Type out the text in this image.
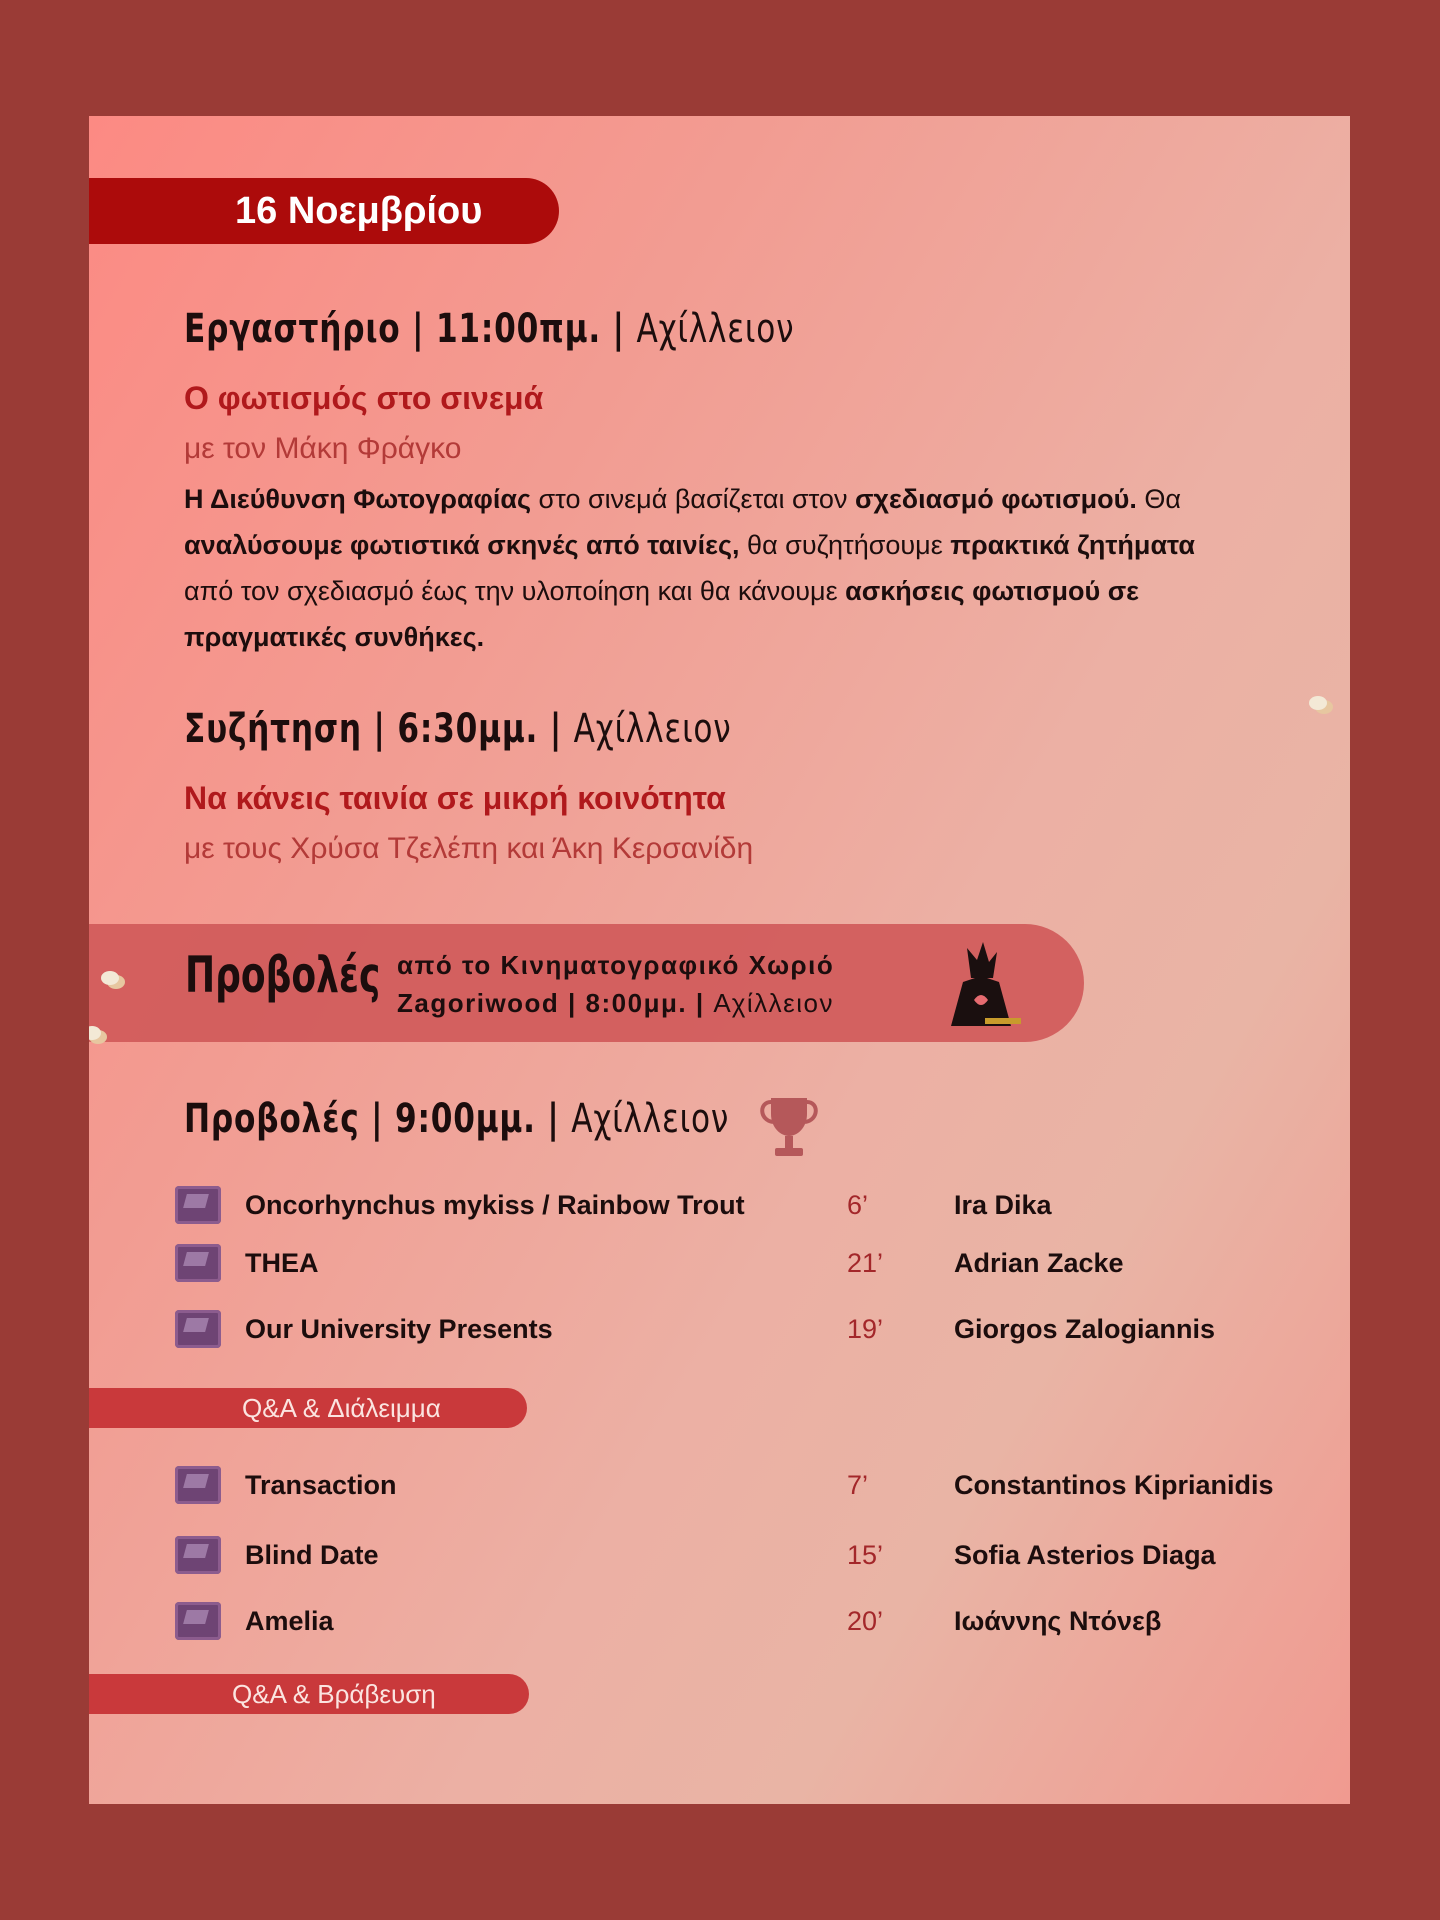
16 Νοεμβρίου
Εργαστήριο | 11:00πμ. | Αχίλλειον
Ο φωτισμός στο σινεμά
με τον Μάκη Φράγκο
Η Διεύθυνση Φωτογραφίας στο σινεμά βασίζεται στον σχεδιασμό φωτισμού. Θα αναλύσουμε φωτιστικά σκηνές από ταινίες, θα συζητήσουμε πρακτικά ζητήματα από τον σχεδιασμό έως την υλοποίηση και θα κάνουμε ασκήσεις φωτισμού σε πραγματικές συνθήκες.
Συζήτηση | 6:30μμ. | Αχίλλειον
Να κάνεις ταινία σε μικρή κοινότητα
με τους Χρύσα Τζελέπη και Άκη Κερσανίδη
Προβολές από το Κινηματογραφικό Χωριό
Zagoriwood | 8:00μμ. | Αχίλλειον
Προβολές | 9:00μμ. | Αχίλλειον
Oncorhynchus mykiss / Rainbow Trout	6’	Ira Dika
THEA	21’	Adrian Zacke
Our University Presents	19’	Giorgos Zalogiannis
Q&A & Διάλειμμα
Transaction	7’	Constantinos Kiprianidis
Blind Date	15’	Sofia Asterios Diaga
Amelia	20’	Ιωάννης Ντόνεβ
Q&A & Βράβευση
